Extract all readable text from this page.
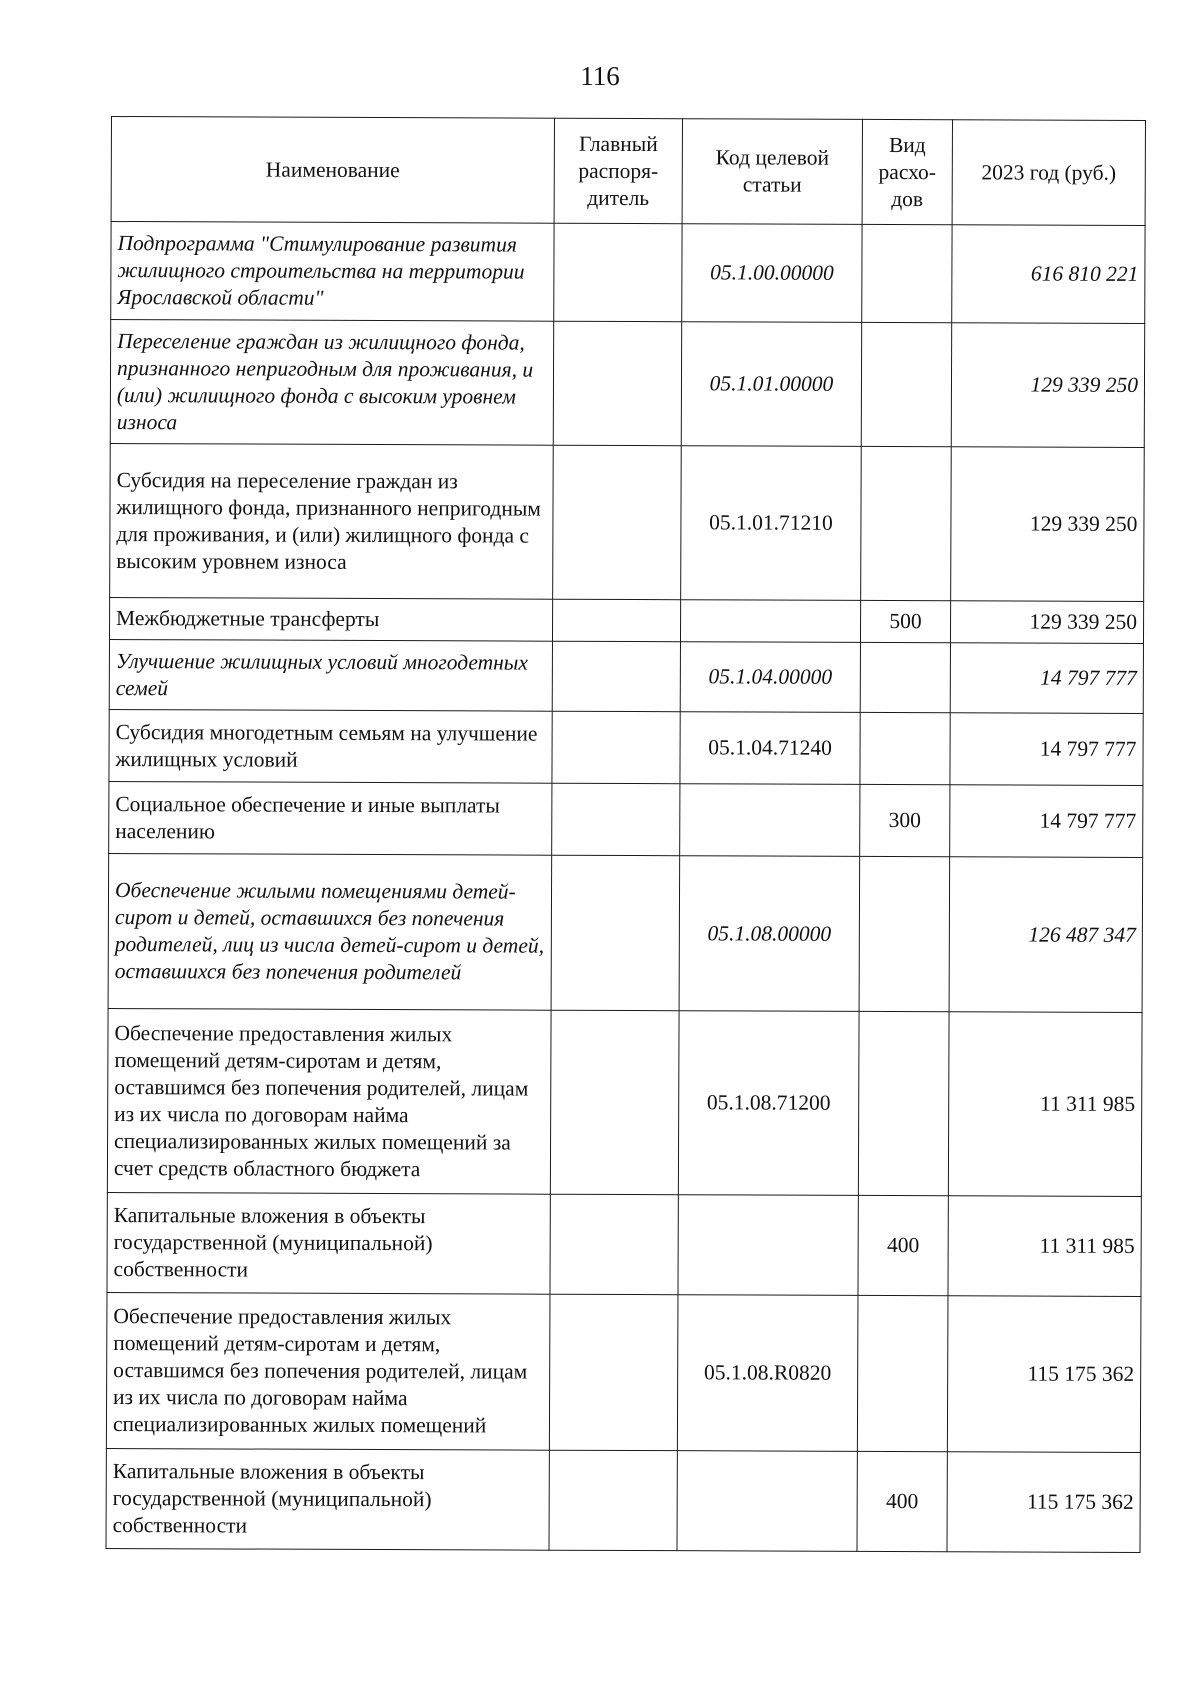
116
Наименование	Главный распоря-дитель	Код целевой статьи	Вид расхо-дов	2023 год (руб.)
Подпрограмма "Стимулирование развития жилищного строительства на территории Ярославской области"		05.1.00.00000		616 810 221
Переселение граждан из жилищного фонда, признанного непригодным для проживания, и (или) жилищного фонда с высоким уровнем износа		05.1.01.00000		129 339 250
Субсидия на переселение граждан из жилищного фонда, признанного непригодным для проживания, и (или) жилищного фонда с высоким уровнем износа		05.1.01.71210		129 339 250
Межбюджетные трансферты			500	129 339 250
Улучшение жилищных условий многодетных семей		05.1.04.00000		14 797 777
Субсидия многодетным семьям на улучшение жилищных условий		05.1.04.71240		14 797 777
Социальное обеспечение и иные выплаты населению			300	14 797 777
Обеспечение жилыми помещениями детей-сирот и детей, оставшихся без попечения родителей, лиц из числа детей-сирот и детей, оставшихся без попечения родителей		05.1.08.00000		126 487 347
Обеспечение предоставления жилых помещений детям-сиротам и детям, оставшимся без попечения родителей, лицам из их числа по договорам найма специализированных жилых помещений за счет средств областного бюджета		05.1.08.71200		11 311 985
Капитальные вложения в объекты государственной (муниципальной) собственности			400	11 311 985
Обеспечение предоставления жилых помещений детям-сиротам и детям, оставшимся без попечения родителей, лицам из их числа по договорам найма специализированных жилых помещений		05.1.08.R0820		115 175 362
Капитальные вложения в объекты государственной (муниципальной) собственности			400	115 175 362
